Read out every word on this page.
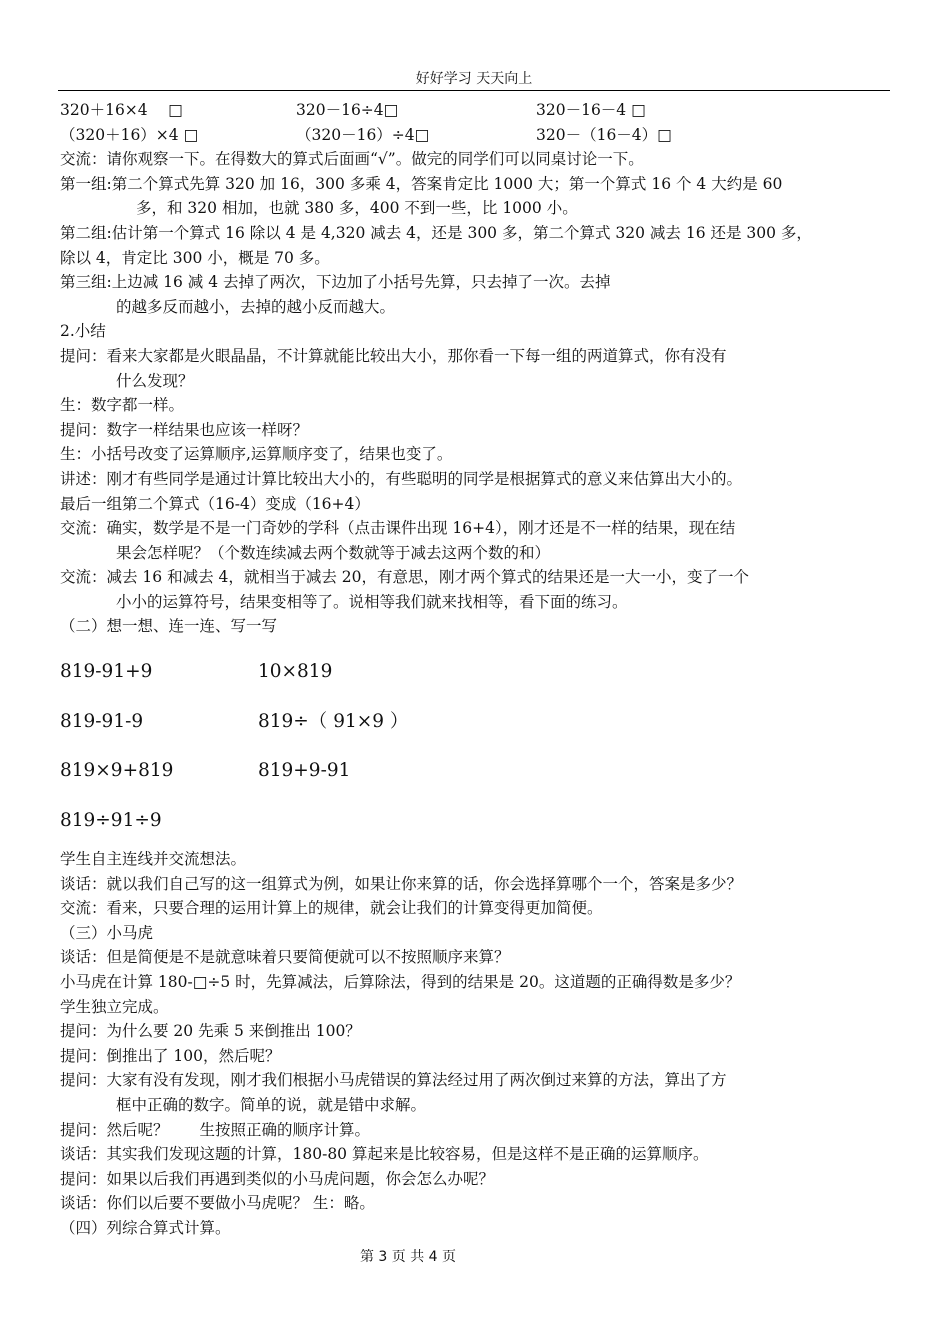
好好学习 天天向上
320＋16×4　 □	320－16÷4□	320－16－4 □
（320＋16）×4 □	（320－16）÷4□	320－（16－4）□
交流：请你观察一下。在得数大的算式后面画“√”。做完的同学们可以同桌讨论一下。
第一组:第二个算式先算 320 加 16，300 多乘 4，答案肯定比 1000 大；第一个算式 16 个 4 大约是 60
多，和 320 相加，也就 380 多，400 不到一些，比 1000 小。
第二组:估计第一个算式 16 除以 4 是 4,320 减去 4，还是 300 多，第二个算式 320 减去 16 还是 300 多，
除以 4，肯定比 300 小，概是 70 多。
第三组:上边减 16 减 4 去掉了两次，下边加了小括号先算，只去掉了一次。去掉
的越多反而越小，去掉的越小反而越大。
2.小结
提问：看来大家都是火眼晶晶，不计算就能比较出大小，那你看一下每一组的两道算式，你有没有
什么发现？
生：数字都一样。
提问：数字一样结果也应该一样呀？
生：小括号改变了运算顺序,运算顺序变了，结果也变了。
讲述：刚才有些同学是通过计算比较出大小的，有些聪明的同学是根据算式的意义来估算出大小的。
最后一组第二个算式（16-4）变成（16+4）
交流：确实，数学是不是一门奇妙的学科（点击课件出现 16+4），刚才还是不一样的结果，现在结
果会怎样呢？（个数连续减去两个数就等于减去这两个数的和）
交流：减去 16 和减去 4，就相当于减去 20，有意思，刚才两个算式的结果还是一大一小，变了一个
小小的运算符号，结果变相等了。说相等我们就来找相等，看下面的练习。
（二）想一想、连一连、写一写
819-91+9	10×819
819-91-9	819÷（ 91×9 ）
819×9+819	819+9-91
819÷91÷9
学生自主连线并交流想法。
谈话：就以我们自己写的这一组算式为例，如果让你来算的话，你会选择算哪个一个，答案是多少？
交流：看来，只要合理的运用计算上的规律，就会让我们的计算变得更加简便。
（三）小马虎
谈话：但是简便是不是就意味着只要简便就可以不按照顺序来算？
小马虎在计算 180-□÷5 时，先算减法，后算除法，得到的结果是 20。这道题的正确得数是多少？
学生独立完成。
提问：为什么要 20 先乘 5 来倒推出 100？
提问：倒推出了 100，然后呢？
提问：大家有没有发现，刚才我们根据小马虎错误的算法经过用了两次倒过来算的方法，算出了方
框中正确的数字。简单的说，就是错中求解。
提问：然后呢？　　生按照正确的顺序计算。
谈话：其实我们发现这题的计算，180-80 算起来是比较容易，但是这样不是正确的运算顺序。
提问：如果以后我们再遇到类似的小马虎问题，你会怎么办呢？
谈话：你们以后要不要做小马虎呢？ 生：略。
（四）列综合算式计算。
第 3 页 共 4 页
